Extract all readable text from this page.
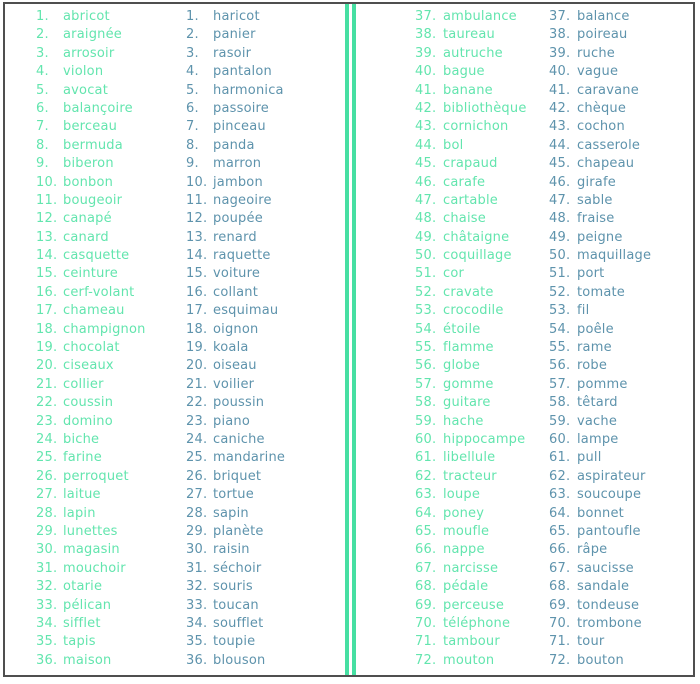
1.	abricot
2.	araignée
3.	arrosoir
4.	violon
5.	avocat
6.	balançoire
7.	berceau
8.	bermuda
9.	biberon
10. bonbon
11. bougeoir
12. canapé
13. canard
14. casquette
15. ceinture
16. cerf-volant
17. chameau
18. champignon
19. chocolat
20. ciseaux
21. collier
22. coussin
23. domino
24. biche
25. farine
26. perroquet
27. laitue
28. lapin
29. lunettes
30. magasin
31. mouchoir
32. otarie
33. pélican
34. sifflet
35. tapis
36. maison
1.	haricot
2.	panier
3.	rasoir
4.	pantalon
5.	harmonica
6.	passoire
7.	pinceau
8.	panda
9.	marron
10. jambon
11. nageoire
12. poupée
13. renard
14. raquette
15. voiture
16. collant
17. esquimau
18. oignon
19. koala
20. oiseau
21. voilier
22. poussin
23. piano
24. caniche
25. mandarine
26. briquet
27. tortue
28. sapin
29. planète
30. raisin
31. séchoir
32. souris
33. toucan
34. soufflet
35. toupie
36. blouson
37. ambulance
38. taureau
39. autruche
40. bague
41. banane
42. bibliothèque
43. cornichon
44. bol
45. crapaud
46. carafe
47. cartable
48. chaise
49. châtaigne
50. coquillage
51. cor
52. cravate
53. crocodile
54. étoile
55. flamme
56. globe
57. gomme
58. guitare
59. hache
60. hippocampe
61. libellule
62. tracteur
63. loupe
64. poney
65. moufle
66. nappe
67. narcisse
68. pédale
69. perceuse
70. téléphone
71. tambour
72. mouton
37. balance
38. poireau
39. ruche
40. vague
41. caravane
42. chèque
43. cochon
44. casserole
45. chapeau
46. girafe
47. sable
48. fraise
49. peigne
50. maquillage
51. port
52. tomate
53. fil
54. poêle
55. rame
56. robe
57. pomme
58. têtard
59. vache
60. lampe
61. pull
62. aspirateur
63. soucoupe
64. bonnet
65. pantoufle
66. râpe
67. saucisse
68. sandale
69. tondeuse
70. trombone
71. tour
72. bouton
